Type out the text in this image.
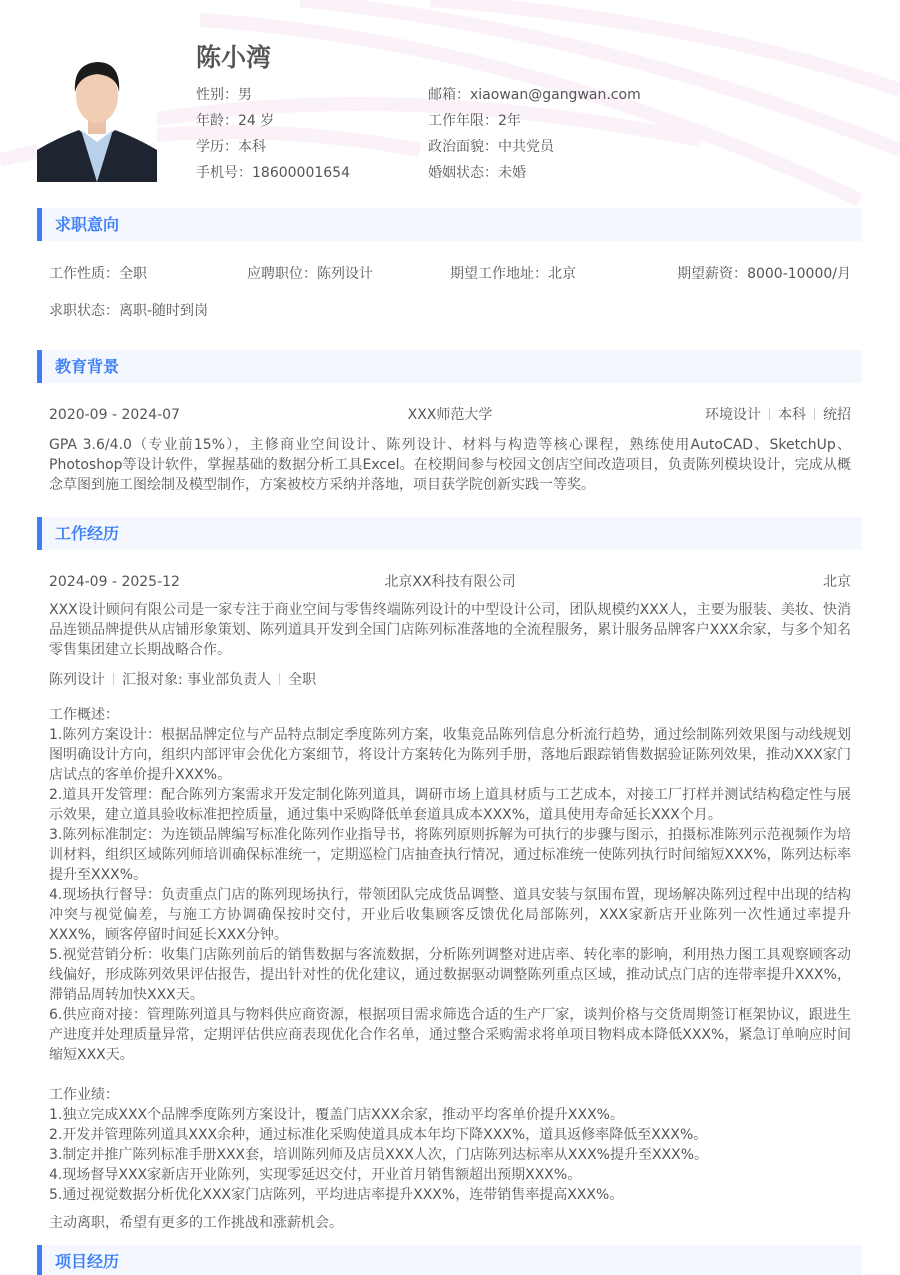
陈小湾
性别：男	邮箱：xiaowan@gangwan.com
年龄：24 岁	工作年限：2年
学历：本科	政治面貌：中共党员
手机号：18600001654	婚姻状态：未婚
求职意向
工作性质：全职	应聘职位：陈列设计	期望工作地址：北京	期望薪资：8000-10000/月
求职状态：离职-随时到岗
教育背景
2020-09 - 2024-07	XXX师范大学	环境设计 本科 统招
GPA 3.6/4.0（专业前15%），主修商业空间设计、陈列设计、材料与构造等核心课程，熟练使用AutoCAD、SketchUp、Photoshop等设计软件，掌握基础的数据分析工具Excel。在校期间参与校园文创店空间改造项目，负责陈列模块设计，完成从概念草图到施工图绘制及模型制作，方案被校方采纳并落地，项目获学院创新实践一等奖。
工作经历
2024-09 - 2025-12	北京XX科技有限公司	北京
XXX设计顾问有限公司是一家专注于商业空间与零售终端陈列设计的中型设计公司，团队规模约XXX人，主要为服装、美妆、快消品连锁品牌提供从店铺形象策划、陈列道具开发到全国门店陈列标准落地的全流程服务，累计服务品牌客户XXX余家，与多个知名零售集团建立长期战略合作。
陈列设计 汇报对象: 事业部负责人 全职
工作概述：
1.陈列方案设计：根据品牌定位与产品特点制定季度陈列方案，收集竞品陈列信息分析流行趋势，通过绘制陈列效果图与动线规划图明确设计方向，组织内部评审会优化方案细节，将设计方案转化为陈列手册，落地后跟踪销售数据验证陈列效果，推动XXX家门店试点的客单价提升XXX%。
2.道具开发管理：配合陈列方案需求开发定制化陈列道具，调研市场上道具材质与工艺成本，对接工厂打样并测试结构稳定性与展示效果，建立道具验收标准把控质量，通过集中采购降低单套道具成本XXX%，道具使用寿命延长XXX个月。
3.陈列标准制定：为连锁品牌编写标准化陈列作业指导书，将陈列原则拆解为可执行的步骤与图示，拍摄标准陈列示范视频作为培训材料，组织区域陈列师培训确保标准统一，定期巡检门店抽查执行情况，通过标准统一使陈列执行时间缩短XXX%，陈列达标率提升至XXX%。
4.现场执行督导：负责重点门店的陈列现场执行，带领团队完成货品调整、道具安装与氛围布置，现场解决陈列过程中出现的结构冲突与视觉偏差，与施工方协调确保按时交付，开业后收集顾客反馈优化局部陈列，XXX家新店开业陈列一次性通过率提升XXX%，顾客停留时间延长XXX分钟。
5.视觉营销分析：收集门店陈列前后的销售数据与客流数据，分析陈列调整对进店率、转化率的影响，利用热力图工具观察顾客动线偏好，形成陈列效果评估报告，提出针对性的优化建议，通过数据驱动调整陈列重点区域，推动试点门店的连带率提升XXX%，滞销品周转加快XXX天。
6.供应商对接：管理陈列道具与物料供应商资源，根据项目需求筛选合适的生产厂家，谈判价格与交货周期签订框架协议，跟进生产进度并处理质量异常，定期评估供应商表现优化合作名单，通过整合采购需求将单项目物料成本降低XXX%，紧急订单响应时间缩短XXX天。
工作业绩：
1.独立完成XXX个品牌季度陈列方案设计，覆盖门店XXX余家，推动平均客单价提升XXX%。
2.开发并管理陈列道具XXX余种，通过标准化采购使道具成本年均下降XXX%，道具返修率降低至XXX%。
3.制定并推广陈列标准手册XXX套，培训陈列师及店员XXX人次，门店陈列达标率从XXX%提升至XXX%。
4.现场督导XXX家新店开业陈列，实现零延迟交付，开业首月销售额超出预期XXX%。
5.通过视觉数据分析优化XXX家门店陈列，平均进店率提升XXX%，连带销售率提高XXX%。
主动离职，希望有更多的工作挑战和涨薪机会。
项目经历
